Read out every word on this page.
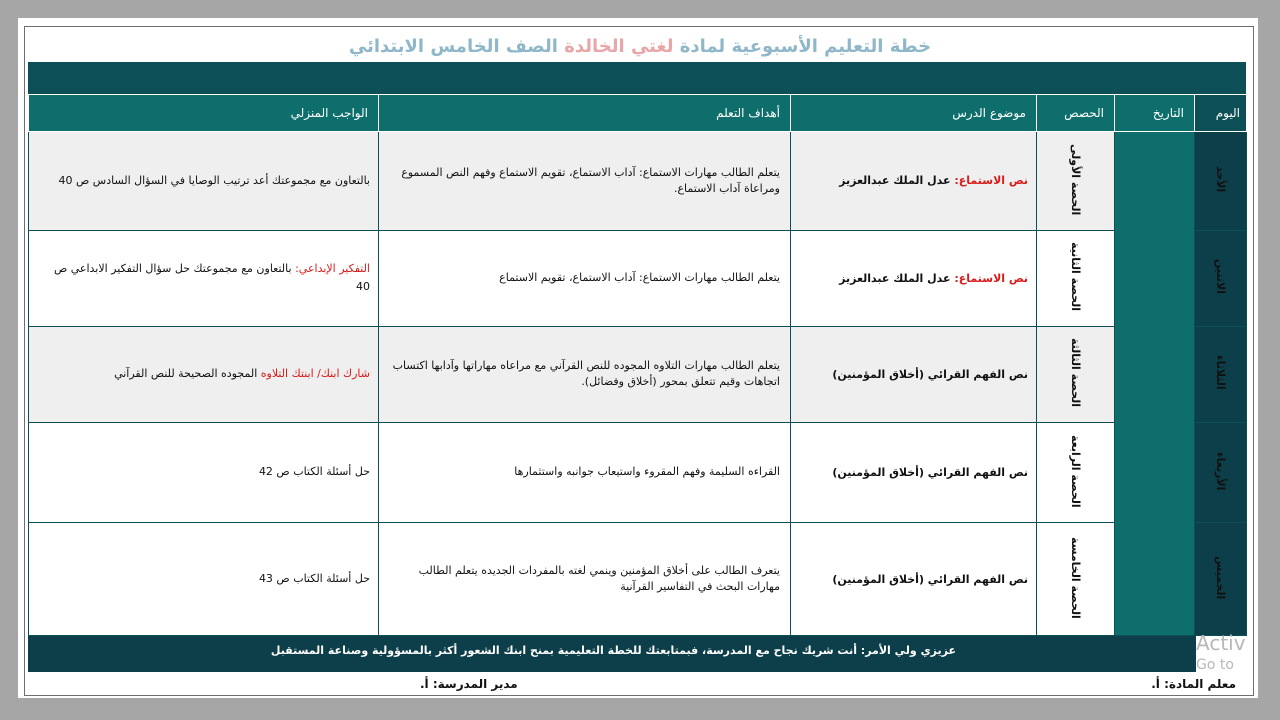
خطة التعليم الأسبوعية لمادة لغتي الخالدة الصف الخامس الابتدائي
اليوم	التاريخ	الحصص	موضوع الدرس	أهداف التعلم	الواجب المنزلي
الأحد		الحصة الأولى	نص الاستماع: عدل الملك عبدالعزيز	يتعلم الطالب مهارات الاستماع: آداب الاستماع، تقويم الاستماع وفهم النص المسموع ومراعاة آداب الاستماع.	بالتعاون مع مجموعتك أعد ترتيب الوصايا في السؤال السادس ص 40
الاثنين		الحصة الثانية	نص الاستماع: عدل الملك عبدالعزيز	يتعلم الطالب مهارات الاستماع: آداب الاستماع، تقويم الاستماع	التفكير الإبداعي: بالتعاون مع مجموعتك حل سؤال التفكير الابداعي ص 40
الثلاثاء		الحصة الثالثة	نص الفهم القرائي (أخلاق المؤمنين)	يتعلم الطالب مهارات التلاوه المجوده للنص القرآني مع مراعاه مهاراتها وآدابها اكتساب اتجاهات وقيم تتعلق بمحور (أخلاق وفضائل).	شارك ابنك/ ابنتك التلاوه المجوده الصحيحة للنص القرآني
الأربعاء		الحصة الرابعة	نص الفهم القرائي (أخلاق المؤمنين)	القراءه السليمة وفهم المقروء واستيعاب جوانبه واستثمارها	حل أسئلة الكتاب ص 42
الخميس		الحصة الخامسة	نص الفهم القرائي (أخلاق المؤمنين)	يتعرف الطالب على أخلاق المؤمنين وينمي لغته بالمفردات الجديده يتعلم الطالب مهارات البحث في التفاسير القرآنية	حل أسئلة الكتاب ص 43
عزيزي ولي الأمر: أنت شريك نجاح مع المدرسة، فبمتابعتك للخطة التعليمية بمنح ابنك الشعور أكثر بالمسؤولية وصناعة المستقبل
معلم المادة: أ.
مدير المدرسة: أ.
Activ
Go to
